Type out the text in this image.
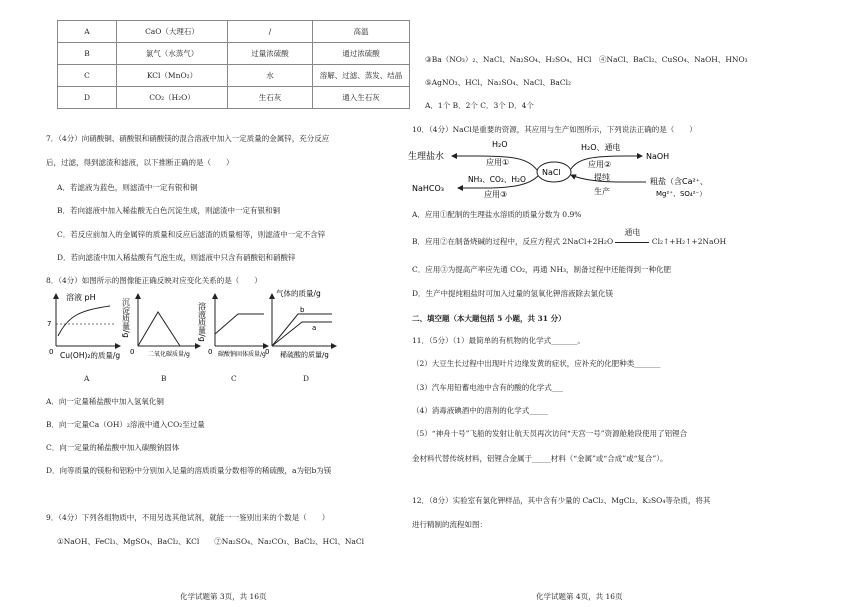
A	CaO（大理石）	/	高温
B	氯气（水蒸气）	过量浓硫酸	通过浓硫酸
C	KCl（MnO₂）	水	溶解、过滤、蒸发、结晶
D	CO₂（H₂O）	生石灰	通入生石灰
7．（4分）向硝酸铜、硝酸银和硝酸镁的混合溶液中加入一定质量的金属锌，充分反应
后，过滤，得到滤渣和滤液，以下推断正确的是（　　）
A．若滤液为蓝色，则滤渣中一定有银和铜
B．若向滤液中加入稀盐酸无白色沉淀生成，则滤渣中一定有银和铜
C．若反应前加入的金属锌的质量和反应后滤渣的质量相等，则滤渣中一定不含锌
D．若向滤渣中加入稀盐酸有气泡生成，则滤液中只含有硝酸铝和硝酸锌
8．（4分）如图所示的图像能正确反映对应变化关系的是（　　）
溶液 pH
7
0 Cu(OH)₂的质量/g 0 二氧化碳质量/g
沉淀质量/g
0 碳酸钠固体质量/g
溶液质量/g
气体的质量/g
b
a
0 稀硫酸的质量/g
A	B	C	D
A．向一定量稀盐酸中加入氢氧化铜
B．向一定量Ca（OH）₂溶液中通入CO₂至过量
C．向一定量的稀盐酸中加入碳酸钠固体
D．向等质量的镁粉和铝粉中分别加入足量的溶质质量分数相等的稀硫酸，a为铝b为镁
9．（4分）下列各组物质中，不用另选其他试剂，就能一一鉴别出来的个数是（　　）
①NaOH、FeCl₃、MgSO₄、BaCl₂、KCl　　②Na₂SO₄、Na₂CO₃、BaCl₂、HCl、NaCl
化学试题第 3页，共 16页
③Ba（NO₃）₂、NaCl、Na₂SO₄、H₂SO₄、HCl　④NaCl、BaCl₂、CuSO₄、NaOH、HNO₃
⑤AgNO₃、HCl、Na₂SO₄、NaCl、BaCl₂
A．1个 B．2个 C．3个 D．4个
10．（4分）NaCl是重要的资源，其应用与生产如图所示，下列说法正确的是（　　）
NaCl
生理盐水
H₂O
应用①
NaHCO₃
NH₃、CO₂、H₂O
应用③
H₂O、通电
应用②
NaOH
提纯
生产
粗盐（含Ca²⁺、
Mg²⁺、SO₄²⁻）
A．应用①配制的生理盐水溶质的质量分数为 0.9%
B．应用②在制备烧碱的过程中，反应方程式 2NaCl+2H₂O
通电
Cl₂↑+H₂↑+2NaOH
C．应用③为提高产率应先通 CO₂，再通 NH₃，制备过程中还能得到一种化肥
D．生产中提纯粗盐时可加入过量的氢氧化钾溶液除去氯化镁
二、填空题（本大题包括 5 小题，共 31 分）
11．（5分）（1）最简单的有机物的化学式_______。
（2）大豆生长过程中出现叶片边缘发黄的症状，应补充的化肥种类_______
（3）汽车用铅蓄电池中含有的酸的化学式___
（4）消毒液碘酒中的溶剂的化学式_____
（5）“神舟十号”飞船的发射让航天员再次访问“天宫一号”资源舱舱段使用了铝锂合
金材料代替传统材料，铝锂合金属于_____材料（“金属”或“合成”或“复合”）。
12．（8分）实验室有氯化钾样品，其中含有少量的 CaCl₂、MgCl₂、K₂SO₄等杂质，将其
进行精制的流程如图：
化学试题第 4页，共 16页
